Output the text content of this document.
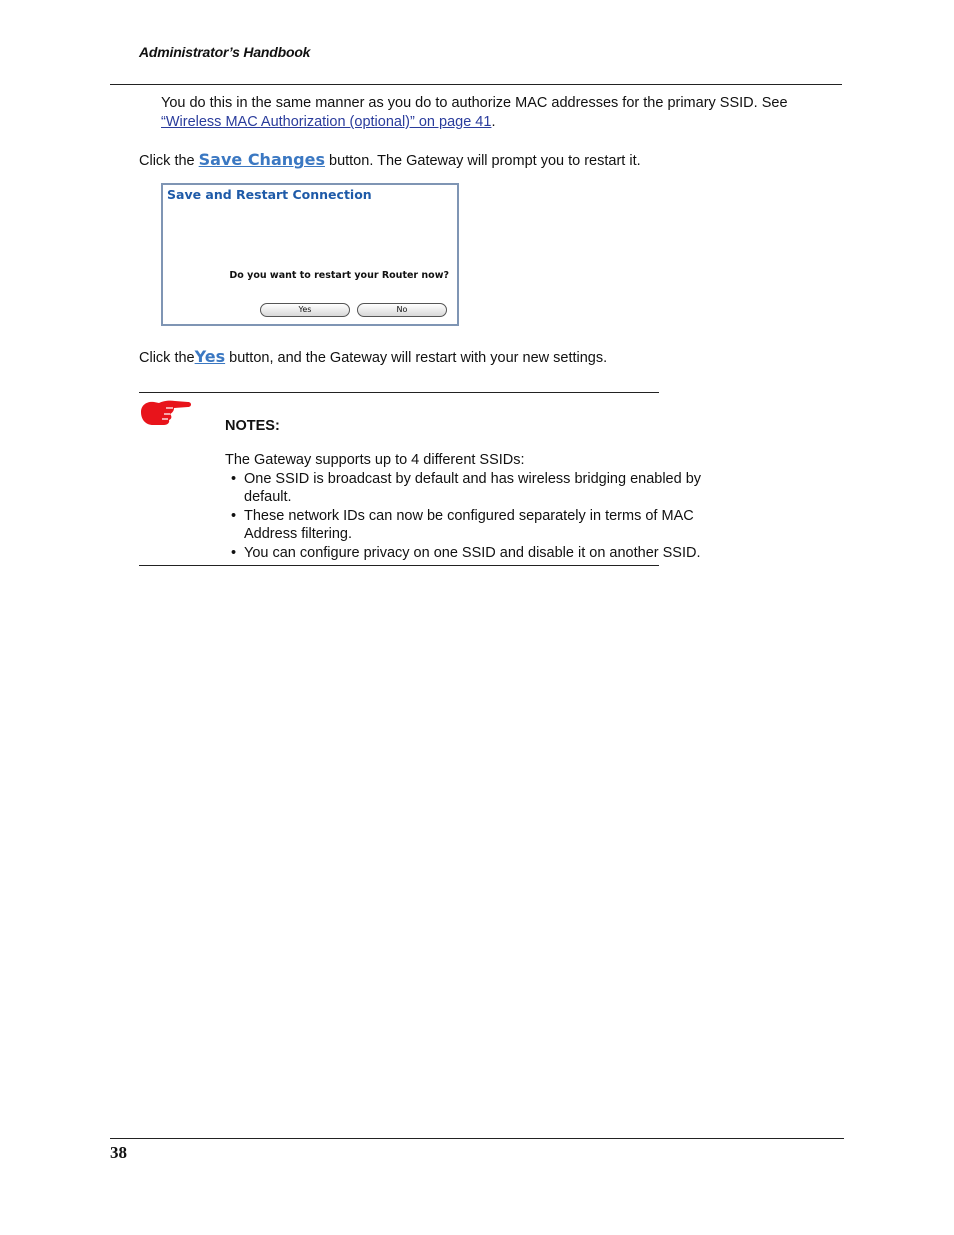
Administrator’s Handbook
You do this in the same manner as you do to authorize MAC addresses for the primary SSID. See
“Wireless MAC Authorization (optional)” on page 41.
Click the Save Changes button. The Gateway will prompt you to restart it.
Save and Restart Connection
Do you want to restart your Router now?
Yes	No
Click theYes button, and the Gateway will restart with your new settings.
NOTES:
The Gateway supports up to 4 different SSIDs:
• One SSID is broadcast by default and has wireless bridging enabled by default.
• These network IDs can now be configured separately in terms of MAC Address filtering.
• You can configure privacy on one SSID and disable it on another SSID.
38
